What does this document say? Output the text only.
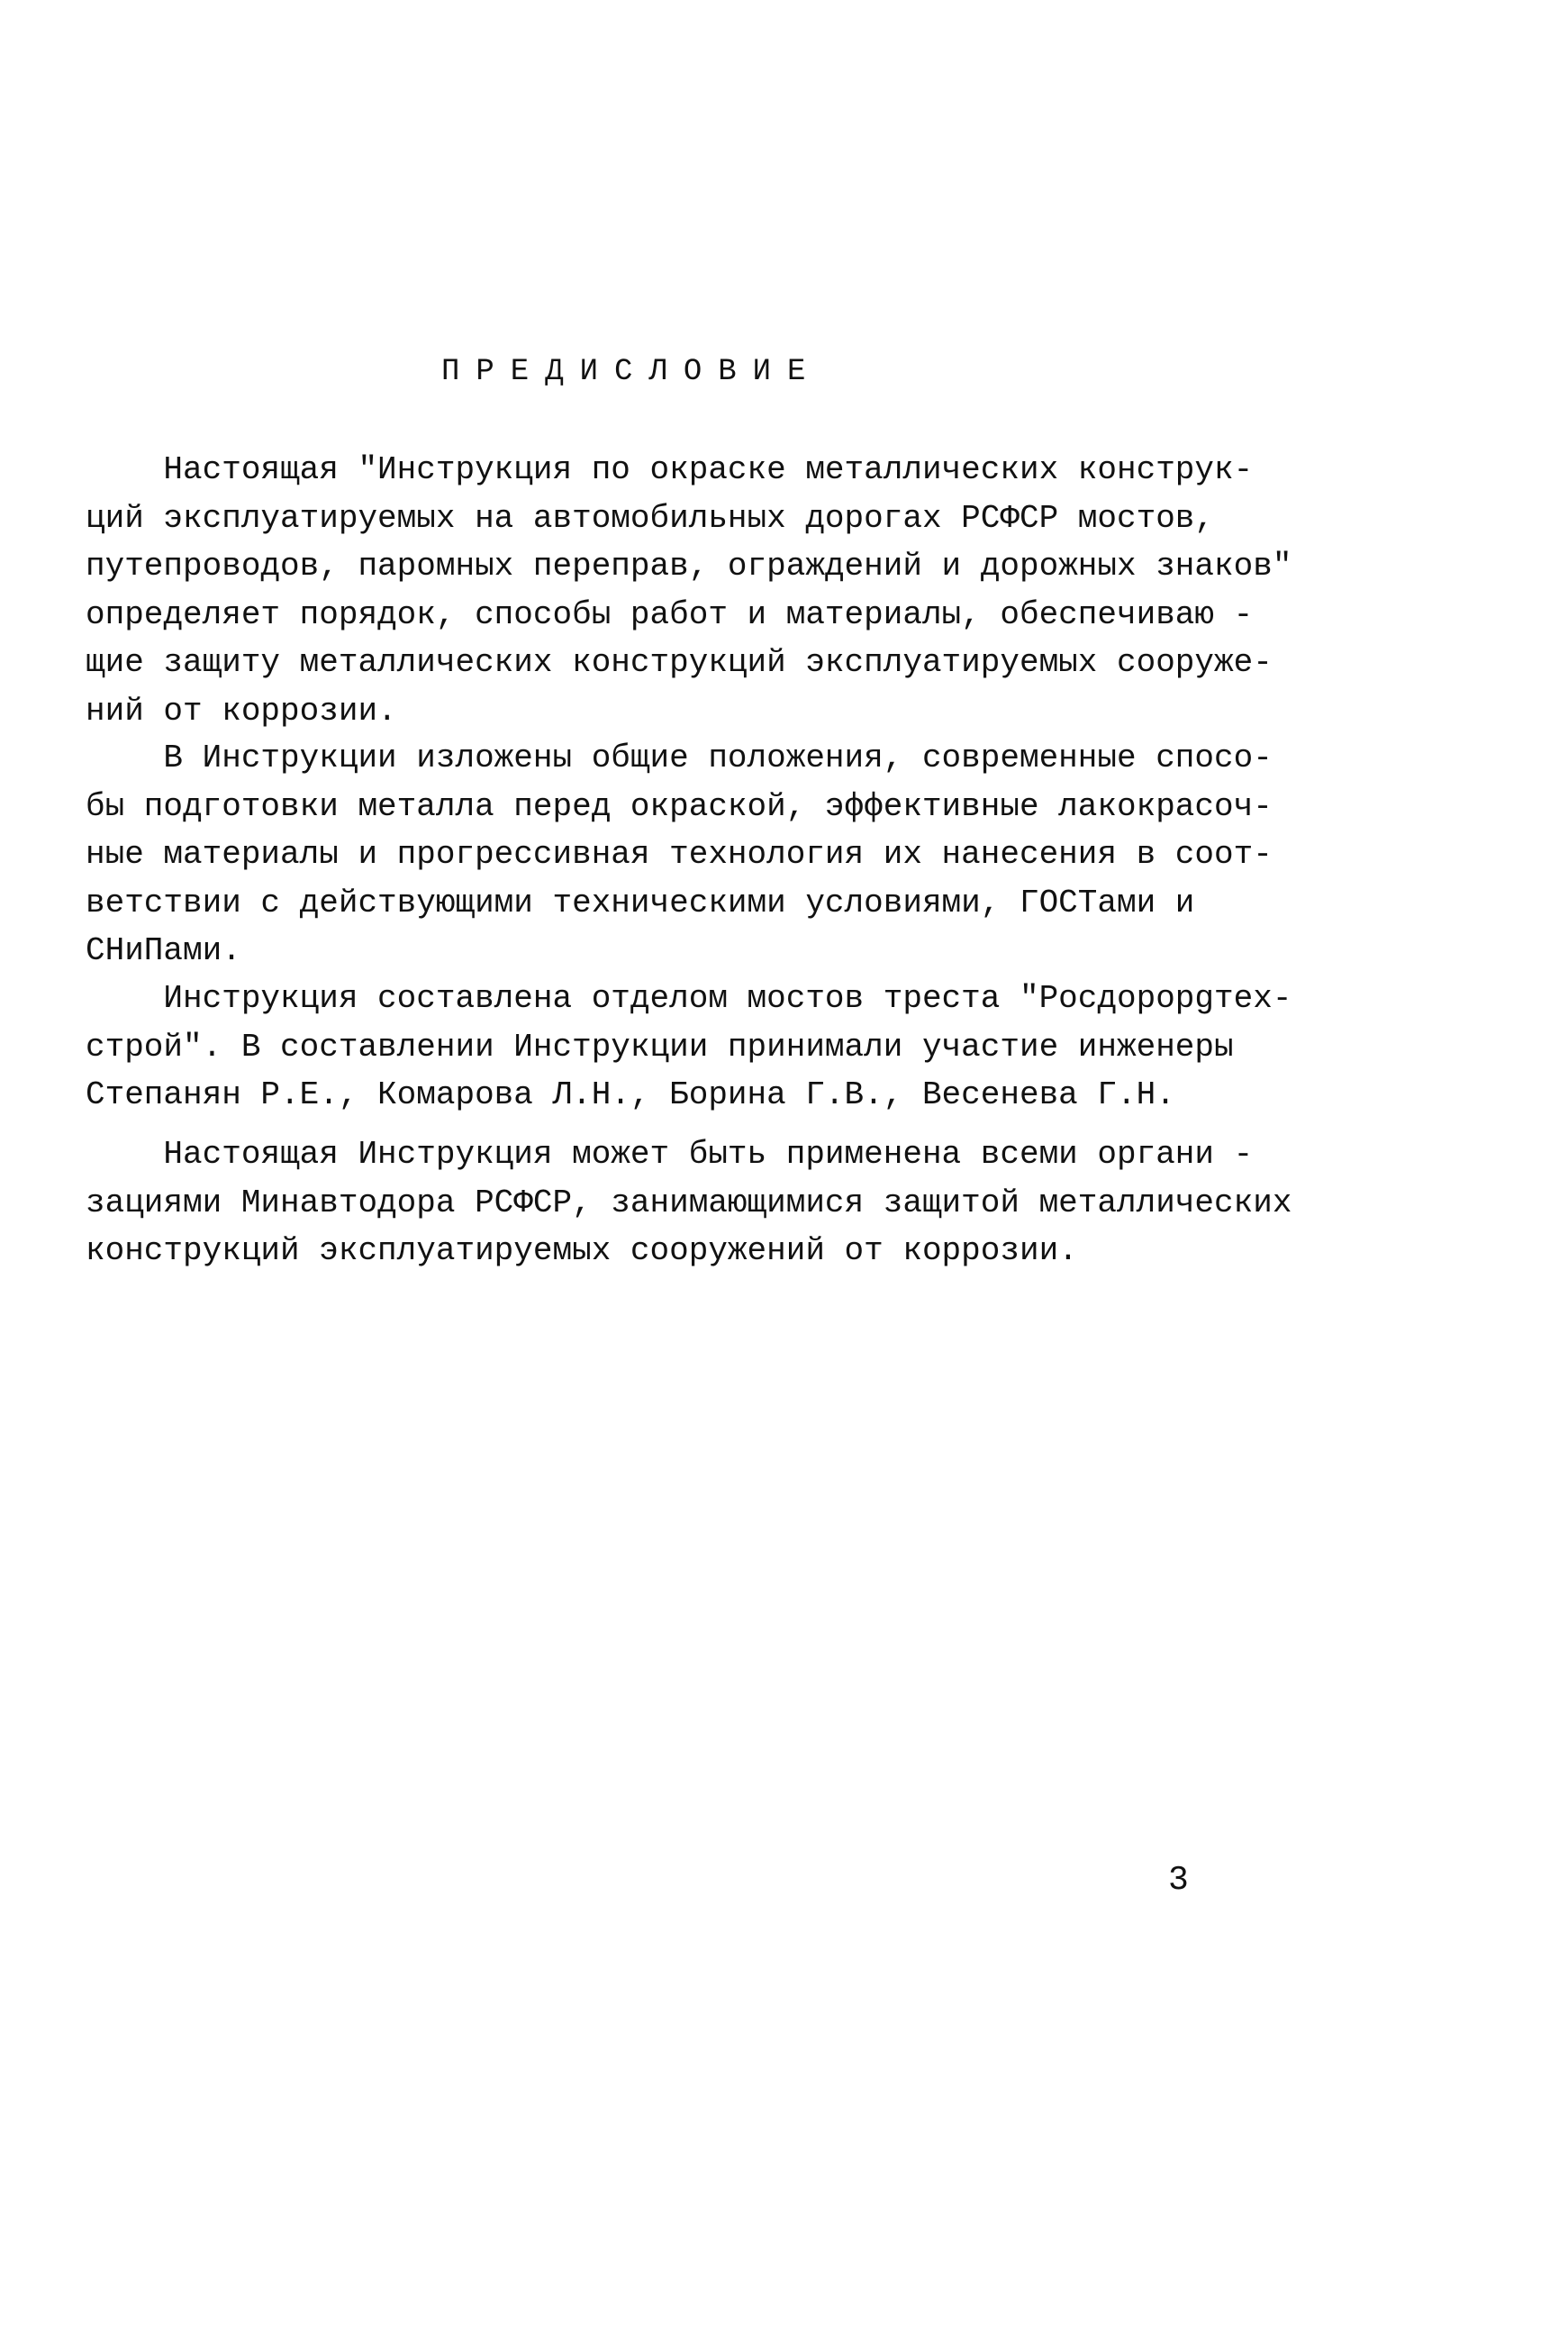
ПРЕДИСЛОВИЕ
Настоящая "Инструкция по окраске металлических конструк-
ций эксплуатируемых на автомобильных дорогах РСФСР мостов,
путепроводов, паромных переправ, ограждений и дорожных знаков"
определяет порядок, способы работ и материалы, обеспечиваю -
щие защиту металлических конструкций эксплуатируемых сооруже-
ний от коррозии.
В Инструкции изложены общие положения, современные спосо-
бы подготовки металла перед окраской, эффективные лакокрасоч-
ные материалы и прогрессивная технология их нанесения в соот-
ветствии с действующими техническими условиями, ГОСТами и
СНиПами.
Инструкция составлена отделом мостов треста "Росдорорgтех-
строй". В составлении Инструкции принимали участие инженеры
Степанян Р.Е., Комарова Л.Н., Борина Г.В., Весенева Г.Н.
Настоящая Инструкция может быть применена всеми органи -
зациями Минавтодора РСФСР, занимающимися защитой металлических
конструкций эксплуатируемых сооружений от коррозии.
3
